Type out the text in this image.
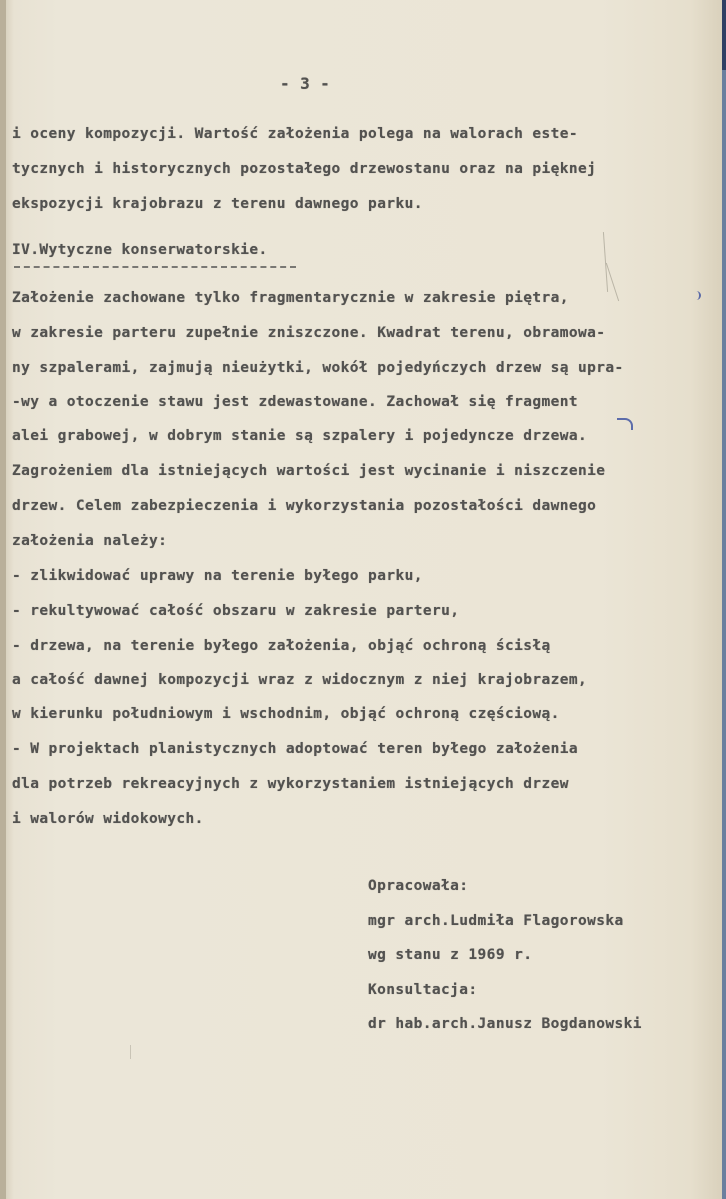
- 3 -
i oceny kompozycji. Wartość założenia polega na walorach este-
tycznych i historycznych pozostałego drzewostanu oraz na pięknej
ekspozycji krajobrazu z terenu dawnego parku.
IV.Wytyczne konserwatorskie.
Założenie zachowane tylko fragmentarycznie w zakresie piętra,
w zakresie parteru zupełnie zniszczone. Kwadrat terenu, obramowa-
ny szpalerami, zajmują nieużytki, wokół pojedyńczych drzew są upra-
-wy a otoczenie stawu jest zdewastowane. Zachował się fragment
alei grabowej, w dobrym stanie są szpalery i pojedyncze drzewa.
Zagrożeniem dla istniejących wartości jest wycinanie i niszczenie
drzew. Celem zabezpieczenia i wykorzystania pozostałości dawnego
założenia należy:
- zlikwidować uprawy na terenie byłego parku,
- rekultywować całość obszaru w zakresie parteru,
- drzewa, na terenie byłego założenia, objąć ochroną ścisłą
a całość dawnej kompozycji wraz z widocznym z niej krajobrazem,
w kierunku południowym i wschodnim, objąć ochroną częściową.
- W projektach planistycznych adoptować teren byłego założenia
dla potrzeb rekreacyjnych z wykorzystaniem istniejących drzew
i walorów widokowych.
Opracowała:
mgr arch.Ludmiła Flagorowska
wg stanu z 1969 r.
Konsultacja:
dr hab.arch.Janusz Bogdanowski
